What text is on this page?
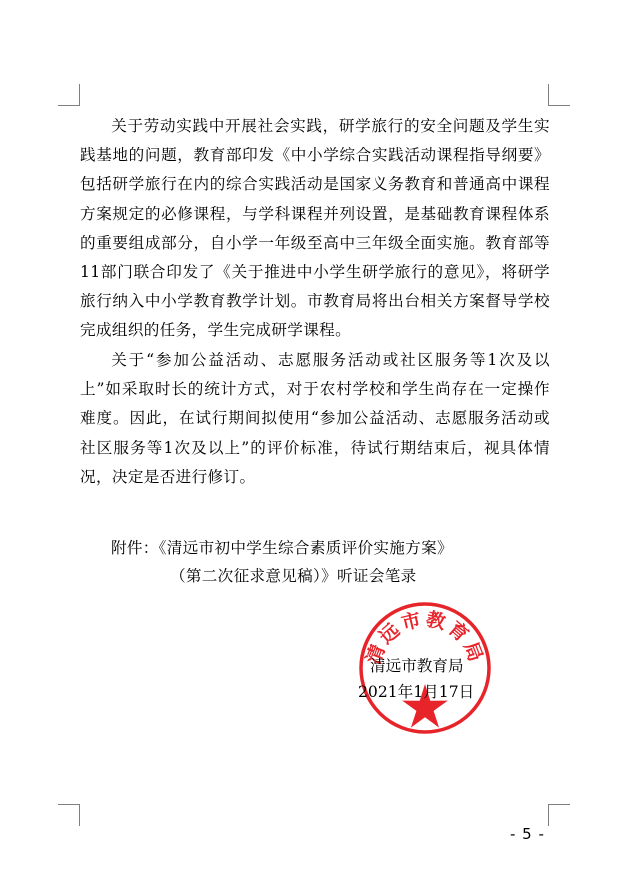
关于劳动实践中开展社会实践，研学旅行的安全问题及学生实践基地的问题，教育部印发《中小学综合实践活动课程指导纲要》包括研学旅行在内的综合实践活动是国家义务教育和普通高中课程方案规定的必修课程，与学科课程并列设置，是基础教育课程体系的重要组成部分，自小学一年级至高中三年级全面实施。教育部等11部门联合印发了《关于推进中小学生研学旅行的意见》，将研学旅行纳入中小学教育教学计划。市教育局将出台相关方案督导学校完成组织的任务，学生完成研学课程。

关于“参加公益活动、志愿服务活动或社区服务等1次及以上”如采取时长的统计方式，对于农村学校和学生尚存在一定操作难度。因此，在试行期间拟使用“参加公益活动、志愿服务活动或社区服务等1次及以上”的评价标准，待试行期结束后，视具体情况，决定是否进行修订。

附件：《清远市初中学生综合素质评价实施方案》
（第二次征求意见稿）》听证会笔录
清远市教育局
清远市教育局
2021年1月17日
- 5 -
